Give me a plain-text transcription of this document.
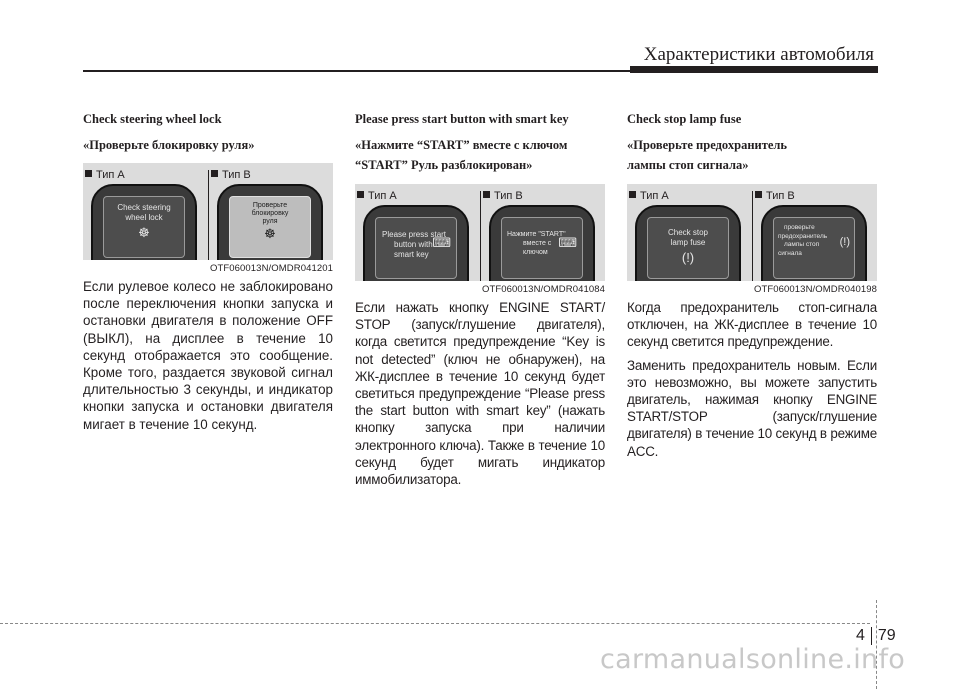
Характеристики автомобиля

Check steering wheel lock

«Проверьте блокировку руля»

Тип A
Check steering
wheel lock
☸
Тип B
Проверьте
блокировку
руля
☸
OTF060013N/OMDR041201

Если рулевое колесо не заблокировано после переключения кнопки запуска и остановки двигателя в положение OFF (ВЫКЛ), на дисплее в течение 10 секунд отображается это сообщение. Кроме того, раздается звуковой сигнал длительностью 3 секунды, и индикатор кнопки запуска и остановки двигателя мигает в течение 10 секунд.

Please press start button with smart key

«Нажмите “START” вместе с ключом

“START” Руль разблокирован»

Тип A
Please press start
button with
smart key
⌨
Тип B
Нажмите "START"
вместе с
ключом
⌨
OTF060013N/OMDR041084

Если нажать кнопку ENGINE START/ STOP (запуск/глушение двигателя), когда светится предупреждение “Key is not detected” (ключ не обнаружен), на ЖК-дисплее в течение 10 секунд будет светиться предупреждение “Please press the start button with smart key” (нажать кнопку запуска при наличии электронного ключа). Также в течение 10 секунд будет мигать индикатор иммобилизатора.

Check stop lamp fuse

«Проверьте предохранитель

лампы стоп сигнала»

Тип A
Check stop
lamp fuse
(!)
Тип B
проверьте
предохранитель
лампы стоп
сигнала
(!)
OTF060013N/OMDR040198

Когда предохранитель стоп-сигнала отключен, на ЖК-дисплее в течение 10 секунд светится предупреждение.

Заменить предохранитель новым. Если это невозможно, вы можете запустить двигатель, нажимая кнопку ENGINE START/STOP (запуск/глушение двигателя) в течение 10 секунд в режиме ACC.

4 79
carmanualsonline.info
